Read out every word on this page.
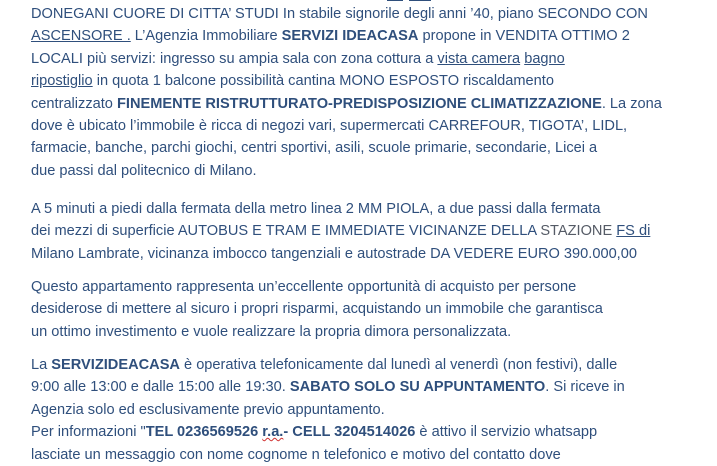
DONEGANI CUORE DI CITTA’ STUDI In stabile signorile degli anni ’40, piano SECONDO CON
ASCENSORE . L’Agenzia Immobiliare SERVIZI IDEACASA propone in VENDITA OTTIMO 2
LOCALI più servizi: ingresso su ampia sala con zona cottura a vista camera bagno
ripostiglio in quota 1 balcone possibilità cantina MONO ESPOSTO riscaldamento
centralizzato FINEMENTE RISTRUTTURATO-PREDISPOSIZIONE CLIMATIZZAZIONE. La zona
dove è ubicato l’immobile è ricca di negozi vari, supermercati CARREFOUR, TIGOTA’, LIDL,
farmacie, banche, parchi giochi, centri sportivi, asili, scuole primarie, secondarie, Licei a
due passi dal politecnico di Milano.

A 5 minuti a piedi dalla fermata della metro linea 2 MM PIOLA, a due passi dalla fermata
dei mezzi di superficie AUTOBUS E TRAM E IMMEDIATE VICINANZE DELLA STAZIONE FS di
Milano Lambrate, vicinanza imbocco tangenziali e autostrade DA VEDERE EURO 390.000,00

Questo appartamento rappresenta un’eccellente opportunità di acquisto per persone
desiderose di mettere al sicuro i propri risparmi, acquistando un immobile che garantisca
un ottimo investimento e vuole realizzare la propria dimora personalizzata.

La SERVIZIDEACASA è operativa telefonicamente dal lunedì al venerdì (non festivi), dalle
9:00 alle 13:00 e dalle 15:00 alle 19:30. SABATO SOLO SU APPUNTAMENTO. Si riceve in
Agenzia solo ed esclusivamente previo appuntamento.
Per informazioni "TEL 0236569526 r.a.- CELL 3204514026 è attivo il servizio whatsapp
lasciate un messaggio con nome cognome n telefonico e motivo del contatto dove
